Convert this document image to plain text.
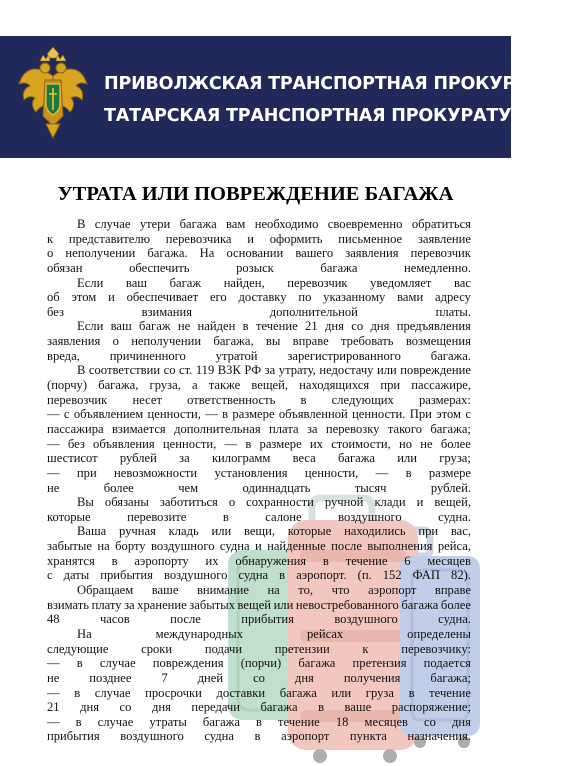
ПРИВОЛЖСКАЯ ТРАНСПОРТНАЯ ПРОКУРАТУРА
ТАТАРСКАЯ ТРАНСПОРТНАЯ ПРОКУРАТУРА
УТРАТА ИЛИ ПОВРЕЖДЕНИЕ БАГАЖА
В случае утери багажа вам необходимо своевременно обратиться
к представителю перевозчика и оформить письменное заявление
о неполучении багажа. На основании вашего заявления перевозчик
обязан	обеспечить	розыск	багажа	немедленно.
Если ваш багаж найден, перевозчик уведомляет вас
об этом и обеспечивает его доставку по указанному вами адресу
без	взимания	дополнительной	платы.
Если ваш багаж не найден в течение 21 дня со дня предъявления
заявления о неполучении багажа, вы вправе требовать возмещения
вреда, причиненного утратой зарегистрированного багажа.
В соответствии со ст. 119 ВЗК РФ за утрату, недостачу или повреждение
(порчу) багажа, груза, а также вещей, находящихся при пассажире,
перевозчик несет ответственность в следующих размерах:
— с объявлением ценности, — в размере объявленной ценности. При этом с
пассажира взимается дополнительная плата за перевозку такого багажа;
— без объявления ценности, — в размере их стоимости, но не более
шестисот рублей за килограмм веса багажа или груза;
— при невозможности установления ценности, — в размере
не	более	чем	одиннадцать	тысяч	рублей.
Вы обязаны заботиться о сохранности ручной клади и вещей,
которые	перевозите	в	салоне	воздушного	судна.
Ваша ручная кладь или вещи, которые находились при вас,
забытые на борту воздушного судна и найденные после выполнения рейса,
хранятся в аэропорту их обнаружения в течение 6 месяцев
с даты прибытия воздушного судна в аэропорт. (п. 152 ФАП 82).
Обращаем ваше внимание на то, что аэропорт вправе
взимать плату за хранение забытых вещей или невостребованного багажа более
48	часов	после	прибытия	воздушного	судна.
На	международных	рейсах	определены
следующие	сроки	подачи	претензии	к	перевозчику:
— в случае повреждения (порчи) багажа претензия подается
не позднее 7 дней со дня получения багажа;
— в случае просрочки доставки багажа или груза в течение
21 дня со дня передачи багажа в ваше распоряжение;
— в случае утраты багажа в течение 18 месяцев со дня
прибытия воздушного судна в аэропорт пункта назначения.
